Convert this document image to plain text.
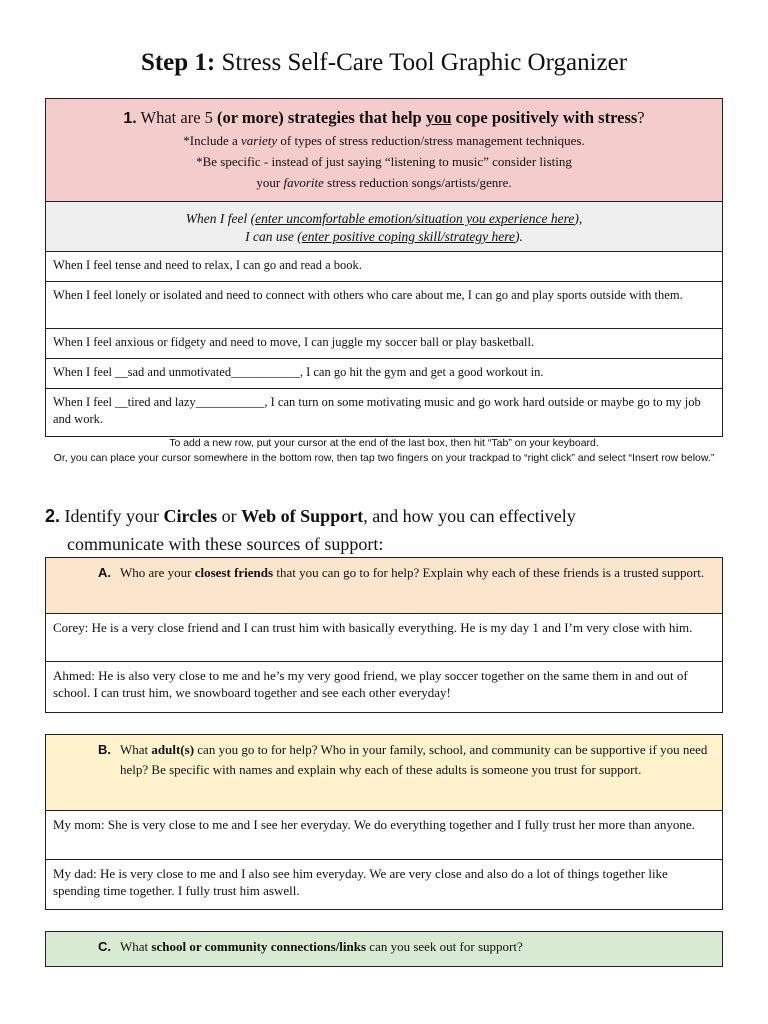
Step 1: Stress Self-Care Tool Graphic Organizer
1. What are 5 (or more) strategies that help you cope positively with stress?
*Include a variety of types of stress reduction/stress management techniques.
*Be specific - instead of just saying “listening to music” consider listing
your favorite stress reduction songs/artists/genre.
When I feel (enter uncomfortable emotion/situation you experience here),
I can use (enter positive coping skill/strategy here).
When I feel tense and need to relax, I can go and read a book.
When I feel lonely or isolated and need to connect with others who care about me, I can go and play sports outside with them.
When I feel anxious or fidgety and need to move, I can juggle my soccer ball or play basketball.
When I feel __sad and unmotivated___________, I can go hit the gym and get a good workout in.
When I feel __tired and lazy___________, I can turn on some motivating music and go work hard outside or maybe go to my job and work.
To add a new row, put your cursor at the end of the last box, then hit “Tab” on your keyboard.
Or, you can place your cursor somewhere in the bottom row, then tap two fingers on your trackpad to “right click” and select “Insert row below.”
2. Identify your Circles or Web of Support, and how you can effectively
communicate with these sources of support:
A. Who are your closest friends that you can go to for help? Explain why each of these friends is a trusted support.
Corey: He is a very close friend and I can trust him with basically everything. He is my day 1 and I’m very close with him.
Ahmed: He is also very close to me and he’s my very good friend, we play soccer together on the same them in and out of school. I can trust him, we snowboard together and see each other everyday!
B. What adult(s) can you go to for help? Who in your family, school, and community can be supportive if you need help? Be specific with names and explain why each of these adults is someone you trust for support.
My mom: She is very close to me and I see her everyday. We do everything together and I fully trust her more than anyone.
My dad: He is very close to me and I also see him everyday. We are very close and also do a lot of things together like spending time together. I fully trust him aswell.
C. What school or community connections/links can you seek out for support?
